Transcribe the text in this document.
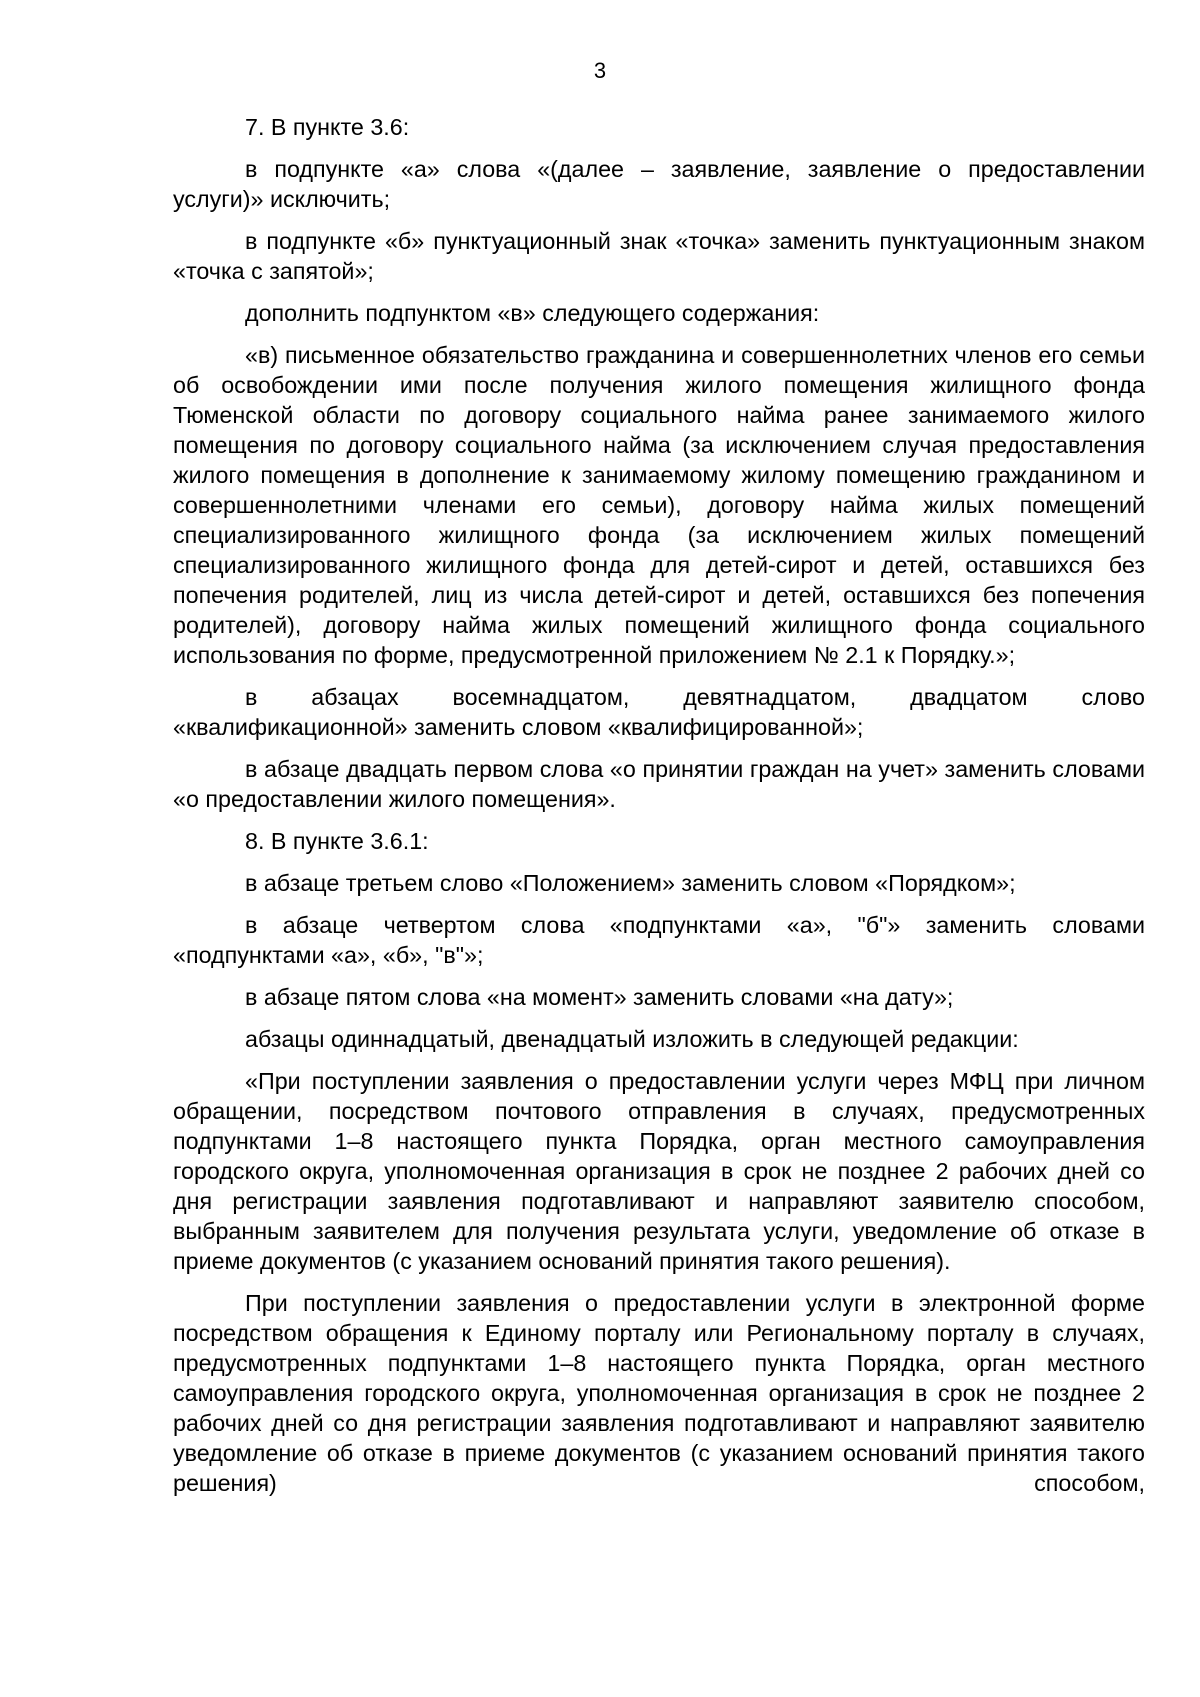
3

7. В пункте 3.6:

в подпункте «а» слова «(далее – заявление, заявление о предоставлении услуги)» исключить;

в подпункте «б» пунктуационный знак «точка» заменить пунктуационным знаком «точка с запятой»;

дополнить подпунктом «в» следующего содержания:

«в) письменное обязательство гражданина и совершеннолетних членов его семьи об освобождении ими после получения жилого помещения жилищного фонда Тюменской области по договору социального найма ранее занимаемого жилого помещения по договору социального найма (за исключением случая предоставления жилого помещения в дополнение к занимаемому жилому помещению гражданином и совершеннолетними членами его семьи), договору найма жилых помещений специализированного жилищного фонда (за исключением жилых помещений специализированного жилищного фонда для детей-сирот и детей, оставшихся без попечения родителей, лиц из числа детей-сирот и детей, оставшихся без попечения родителей), договору найма жилых помещений жилищного фонда социального использования по форме, предусмотренной приложением № 2.1 к Порядку.»;

в абзацах восемнадцатом, девятнадцатом, двадцатом слово «квалификационной» заменить словом «квалифицированной»;

в абзаце двадцать первом слова «о принятии граждан на учет» заменить словами «о предоставлении жилого помещения».

8. В пункте 3.6.1:

в абзаце третьем слово «Положением» заменить словом «Порядком»;

в абзаце четвертом слова «подпунктами «а», "б"» заменить словами «подпунктами «а», «б», "в"»;

в абзаце пятом слова «на момент» заменить словами «на дату»;

абзацы одиннадцатый, двенадцатый изложить в следующей редакции:

«При поступлении заявления о предоставлении услуги через МФЦ при личном обращении, посредством почтового отправления в случаях, предусмотренных подпунктами 1–8 настоящего пункта Порядка, орган местного самоуправления городского округа, уполномоченная организация в срок не позднее 2 рабочих дней со дня регистрации заявления подготавливают и направляют заявителю способом, выбранным заявителем для получения результата услуги, уведомление об отказе в приеме документов (с указанием оснований принятия такого решения).

При поступлении заявления о предоставлении услуги в электронной форме посредством обращения к Единому порталу или Региональному порталу в случаях, предусмотренных подпунктами 1–8 настоящего пункта Порядка, орган местного самоуправления городского округа, уполномоченная организация в срок не позднее 2 рабочих дней со дня регистрации заявления подготавливают и направляют заявителю уведомление об отказе в приеме документов (с указанием оснований принятия такого решения) способом,
